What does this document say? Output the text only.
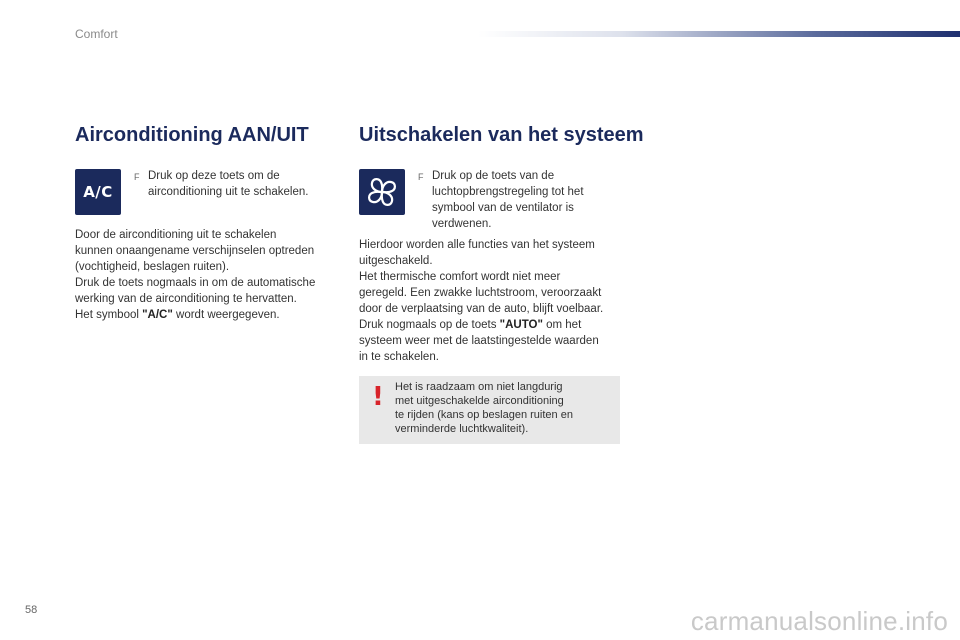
Comfort
Airconditioning AAN/UIT
A/C
F Druk op deze toets om de airconditioning uit te schakelen.
Door de airconditioning uit te schakelen
kunnen onaangename verschijnselen optreden
(vochtigheid, beslagen ruiten).
Druk de toets nogmaals in om de automatische
werking van de airconditioning te hervatten.
Het symbool "A/C" wordt weergegeven.
Uitschakelen van het systeem
F Druk op de toets van de
luchtopbrengstregeling tot het
symbool van de ventilator is
verdwenen.
Hierdoor worden alle functies van het systeem
uitgeschakeld.
Het thermische comfort wordt niet meer
geregeld. Een zwakke luchtstroom, veroorzaakt
door de verplaatsing van de auto, blijft voelbaar.
Druk nogmaals op de toets "AUTO" om het
systeem weer met de laatstingestelde waarden
in te schakelen.
! Het is raadzaam om niet langdurig
met uitgeschakelde airconditioning
te rijden (kans op beslagen ruiten en
verminderde luchtkwaliteit).
58	carmanualsonline.info
